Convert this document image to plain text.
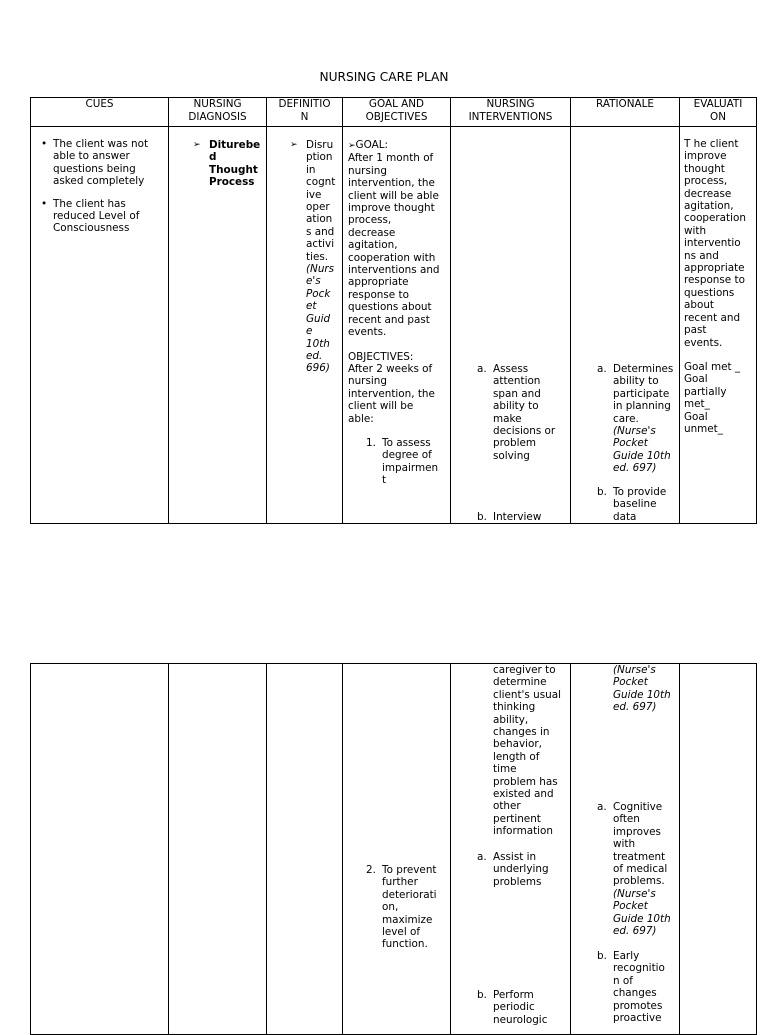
NURSING CARE PLAN
CUES	NURSING
DIAGNOSIS
DEFINITIO
N
GOAL AND
OBJECTIVES
NURSING
INTERVENTIONS
RATIONALE	EVALUATI
ON
• The client was not able to answer questions being asked completely
• The client has reduced Level of Consciousness
➢ Diturebe
d
Thought
Process
➢ Disru
ption
in
cognt
ive
oper
ation
s and
activi
ties.
(Nurs
e's
Pock
et
Guid
e
10th
ed.
696)
➢GOAL:
After 1 month of
nursing
intervention, the
client will be able
improve thought
process,
decrease
agitation,
cooperation with
interventions and
appropriate
response to
questions about
recent and past
events.
OBJECTIVES:
After 2 weeks of
nursing
intervention, the
client will be
able:
1. To assess
degree of
impairmen
t
a. Assess
attention
span and
ability to
make
decisions or
problem
solving
b. Interview
a. Determines
ability to
participate
in planning
care.
(Nurse's
Pocket
Guide 10th
ed. 697)
b. To provide
baseline
data
T he client
improve
thought
process,
decrease
agitation,
cooperation
with
interventio
ns and
appropriate
response to
questions
about
recent and
past
events.
Goal met _
Goal
partially
met_
Goal
unmet_
2. To prevent
further
deteriorati
on,
maximize
level of
function.
caregiver to
determine
client's usual
thinking
ability,
changes in
behavior,
length of
time
problem has
existed and
other
pertinent
information
a. Assist in
underlying
problems
b. Perform
periodic
neurologic
(Nurse's
Pocket
Guide 10th
ed. 697)
a. Cognitive
often
improves
with
treatment
of medical
problems.
(Nurse's
Pocket
Guide 10th
ed. 697)
b. Early
recognitio
n of
changes
promotes
proactive
